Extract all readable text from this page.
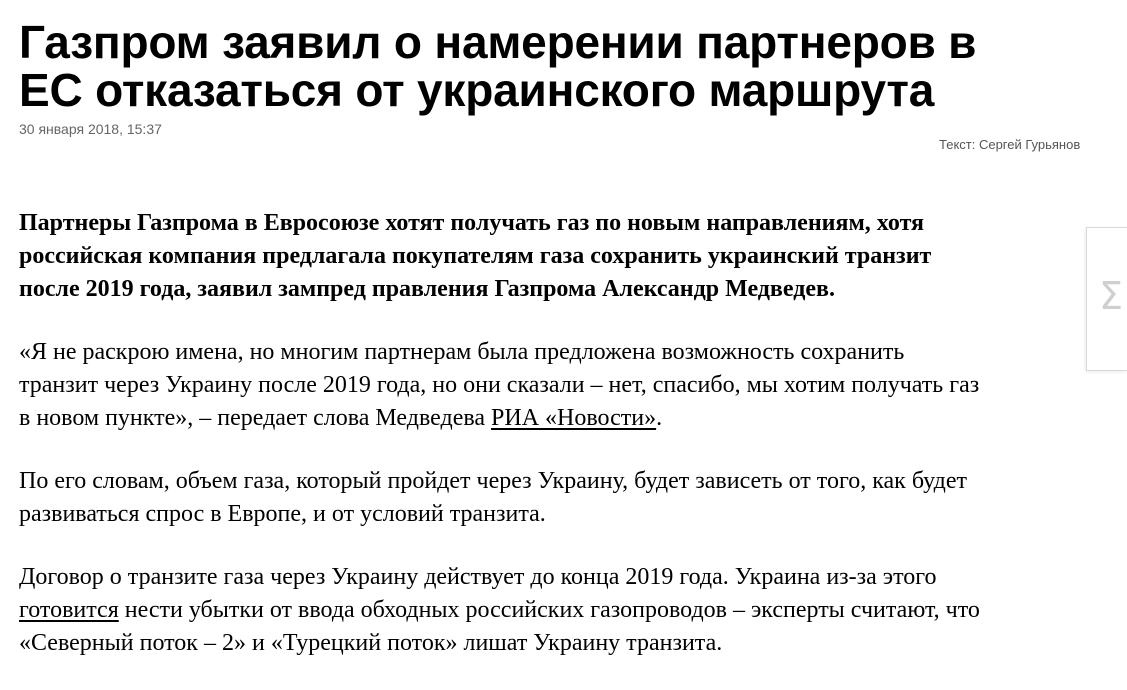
Газпром заявил о намерении партнеров в
ЕС отказаться от украинского маршрута
30 января 2018, 15:37
Текст: Сергей Гурьянов

Партнеры Газпрома в Евросоюзе хотят получать газ по новым направлениям, хотя
российская компания предлагала покупателям газа сохранить украинский транзит
после 2019 года, заявил зампред правления Газпрома Александр Медведев.

«Я не раскрою имена, но многим партнерам была предложена возможность сохранить
транзит через Украину после 2019 года, но они сказали – нет, спасибо, мы хотим получать газ
в новом пункте», – передает слова Медведева РИА «Новости».

По его словам, объем газа, который пройдет через Украину, будет зависеть от того, как будет
развиваться спрос в Европе, и от условий транзита.

Договор о транзите газа через Украину действует до конца 2019 года. Украина из-за этого
готовится нести убытки от ввода обходных российских газопроводов – эксперты считают, что
«Северный поток – 2» и «Турецкий поток» лишат Украину транзита.

Σ
